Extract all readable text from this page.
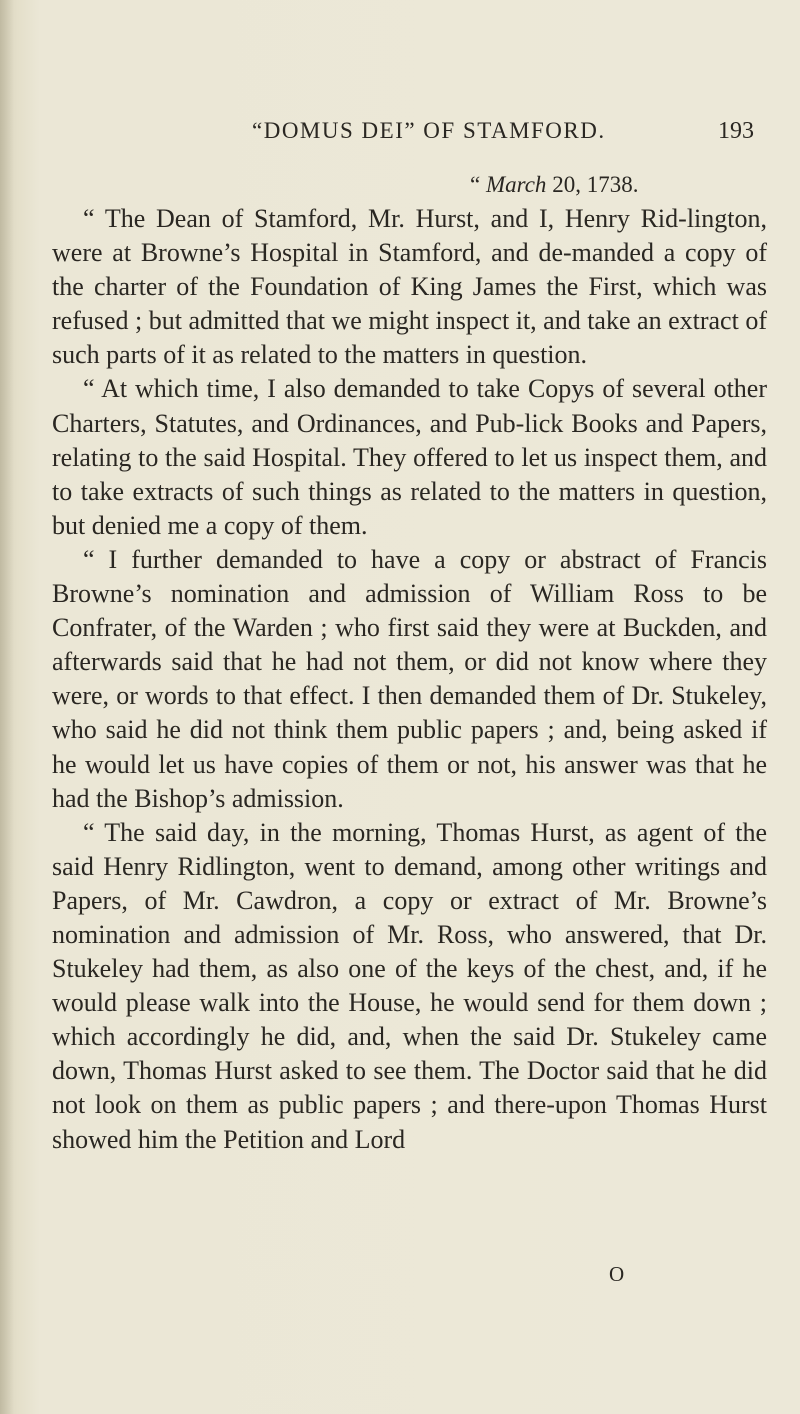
“DOMUS DEI” OF STAMFORD.	193
“ March 20, 1738.

“ The Dean of Stamford, Mr. Hurst, and I, Henry Rid-lington, were at Browne’s Hospital in Stamford, and de-manded a copy of the charter of the Foundation of King James the First, which was refused ; but admitted that we might inspect it, and take an extract of such parts of it as related to the matters in question.

“ At which time, I also demanded to take Copys of several other Charters, Statutes, and Ordinances, and Pub-lick Books and Papers, relating to the said Hospital. They offered to let us inspect them, and to take extracts of such things as related to the matters in question, but denied me a copy of them.

“ I further demanded to have a copy or abstract of Francis Browne’s nomination and admission of William Ross to be Confrater, of the Warden ; who first said they were at Buckden, and afterwards said that he had not them, or did not know where they were, or words to that effect. I then demanded them of Dr. Stukeley, who said he did not think them public papers ; and, being asked if he would let us have copies of them or not, his answer was that he had the Bishop’s admission.

“ The said day, in the morning, Thomas Hurst, as agent of the said Henry Ridlington, went to demand, among other writings and Papers, of Mr. Cawdron, a copy or extract of Mr. Browne’s nomination and admission of Mr. Ross, who answered, that Dr. Stukeley had them, as also one of the keys of the chest, and, if he would please walk into the House, he would send for them down ; which accordingly he did, and, when the said Dr. Stukeley came down, Thomas Hurst asked to see them. The Doctor said that he did not look on them as public papers ; and there-upon Thomas Hurst showed him the Petition and Lord

O
